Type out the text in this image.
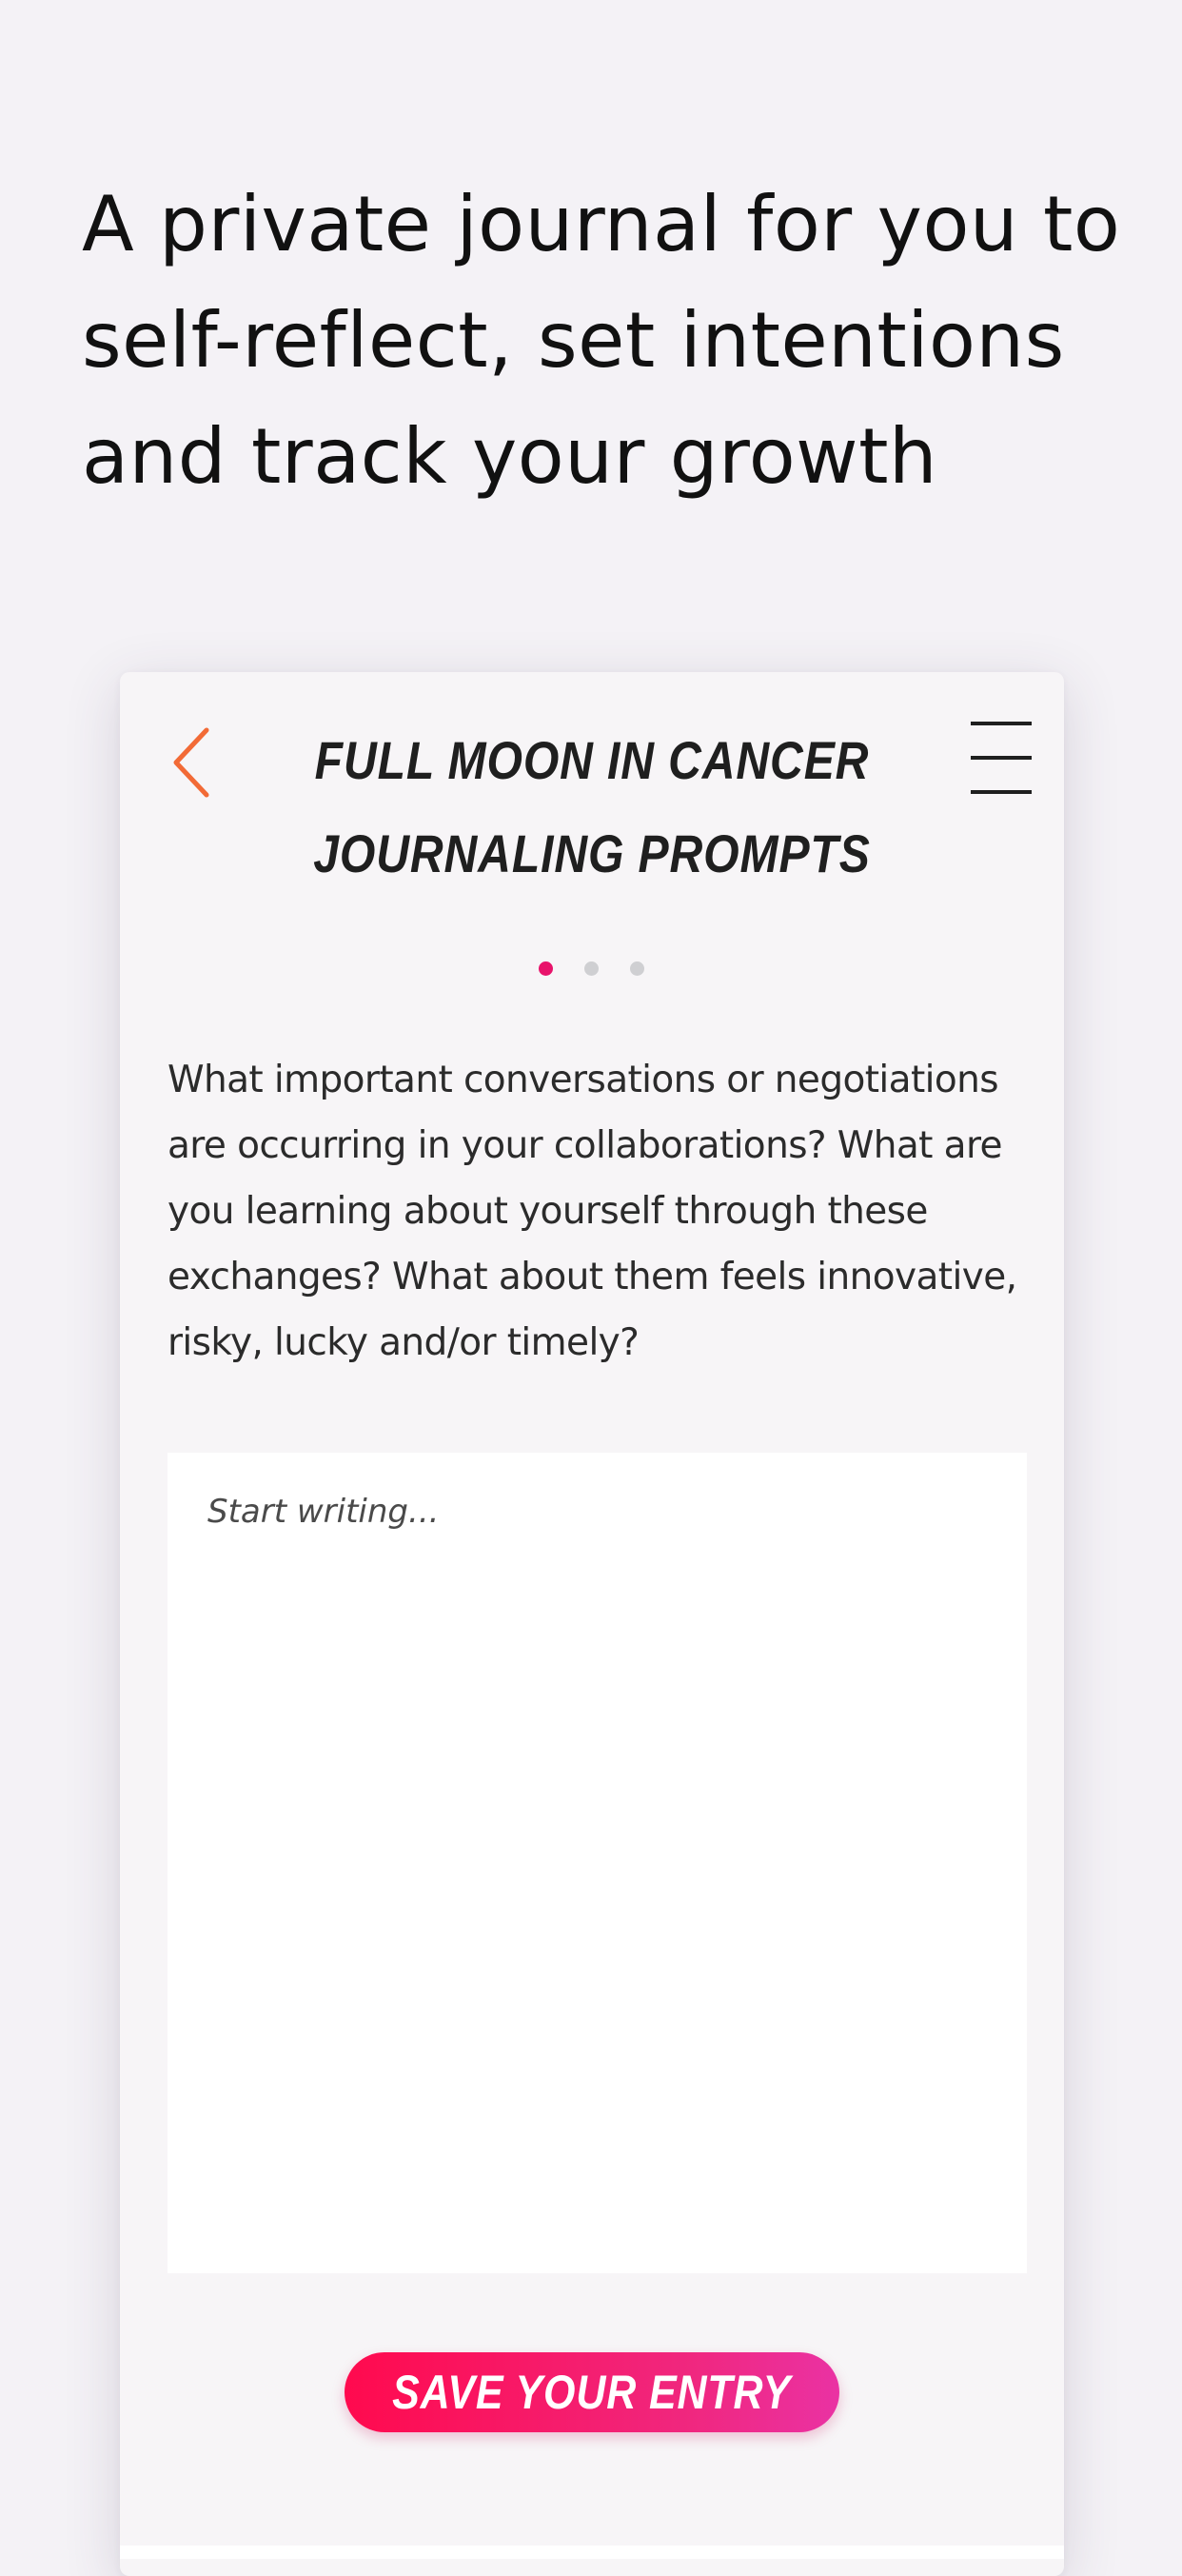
A private journal for you to self-reflect, set intentions and track your growth
FULL MOON IN CANCER
JOURNALING PROMPTS

What important conversations or negotiations are occurring in your collaborations? What are you learning about yourself through these exchanges? What about them feels innovative, risky, lucky and/or timely?

Start writing...
SAVE YOUR ENTRY
